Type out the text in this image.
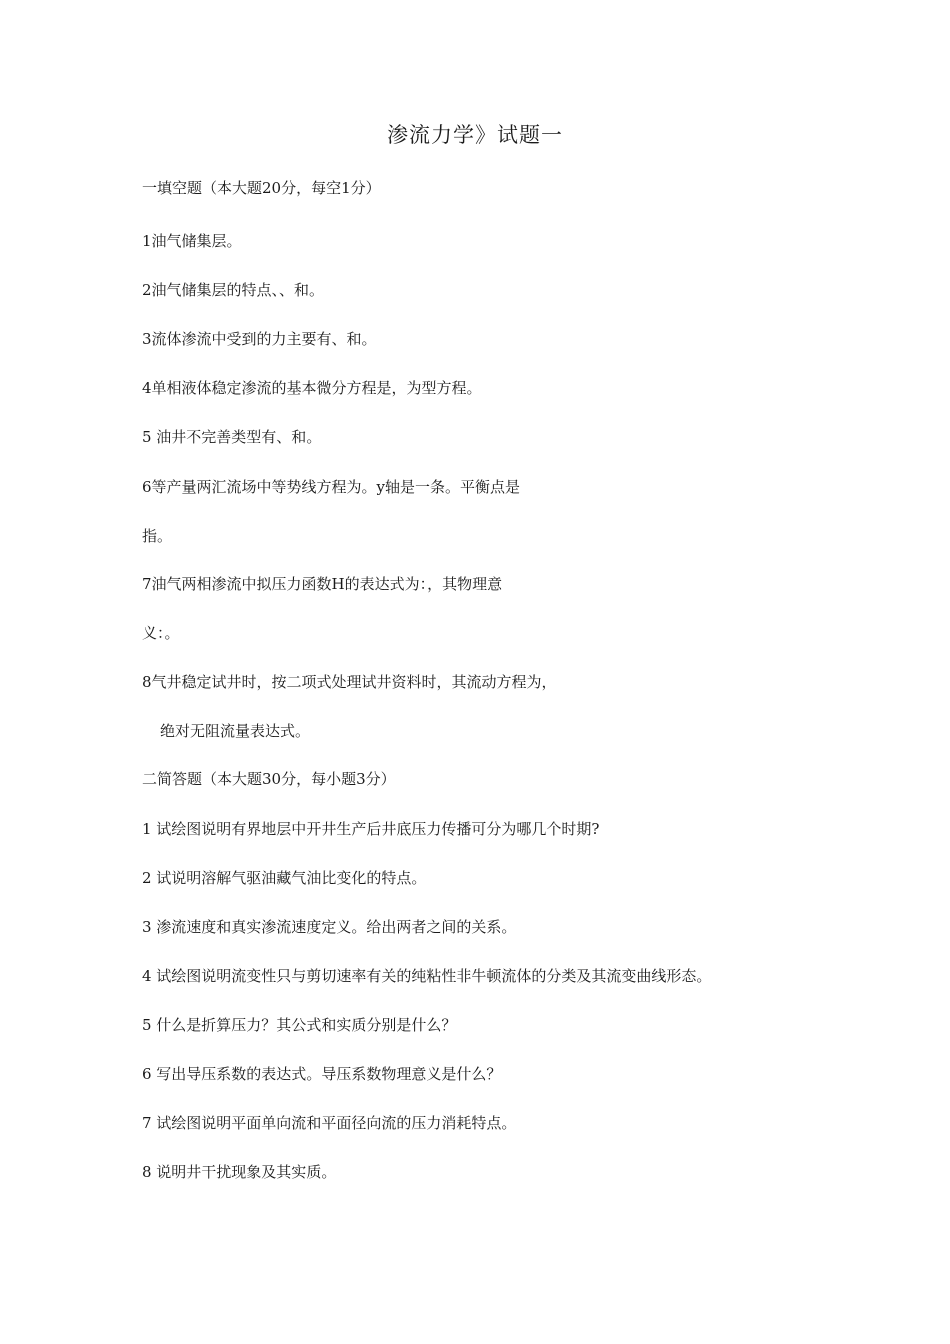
渗流力学》试题一
一填空题（本大题20分，每空1分）
1油气储集层。
2油气储集层的特点、、和。
3流体渗流中受到的力主要有、和。
4单相液体稳定渗流的基本微分方程是，为型方程。
5 油井不完善类型有、和。
6等产量两汇流场中等势线方程为。y轴是一条。平衡点是
指。
7油气两相渗流中拟压力函数H的表达式为：，其物理意
义：。
8气井稳定试井时，按二项式处理试井资料时，其流动方程为，
绝对无阻流量表达式。
二简答题（本大题30分，每小题3分）
1 试绘图说明有界地层中开井生产后井底压力传播可分为哪几个时期?
2 试说明溶解气驱油藏气油比变化的特点。
3 渗流速度和真实渗流速度定义。给出两者之间的关系。
4 试绘图说明流变性只与剪切速率有关的纯粘性非牛顿流体的分类及其流变曲线形态。
5 什么是折算压力？其公式和实质分别是什么？
6 写出导压系数的表达式。导压系数物理意义是什么？
7 试绘图说明平面单向流和平面径向流的压力消耗特点。
8 说明井干扰现象及其实质。
